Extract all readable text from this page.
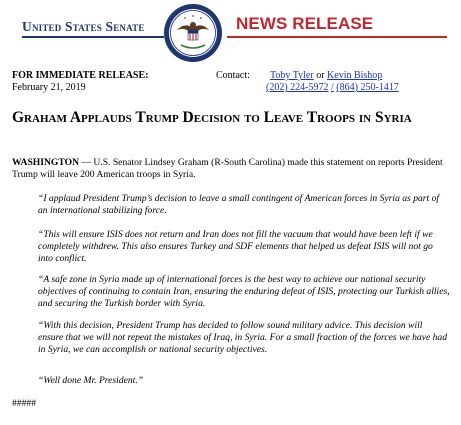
United States Senate	NEWS RELEASE
FOR IMMEDIATE RELEASE:
February 21, 2019
Contact:	Toby Tyler or Kevin Bishop
(202) 224-5972 / (864) 250-1417
Graham Applauds Trump Decision to Leave Troops in Syria
WASHINGTON — U.S. Senator Lindsey Graham (R-South Carolina) made this statement on reports President Trump will leave 200 American troops in Syria.
“I applaud President Trump’s decision to leave a small contingent of American forces in Syria as part of an international stabilizing force.
“This will ensure ISIS does not return and Iran does not fill the vacuum that would have been left if we completely withdrew. This also ensures Turkey and SDF elements that helped us defeat ISIS will not go into conflict.
“A safe zone in Syria made up of international forces is the best way to achieve our national security objectives of continuing to contain Iran, ensuring the enduring defeat of ISIS, protecting our Turkish allies, and securing the Turkish border with Syria.
“With this decision, President Trump has decided to follow sound military advice. This decision will ensure that we will not repeat the mistakes of Iraq, in Syria. For a small fraction of the forces we have had in Syria, we can accomplish or national security objectives.
“Well done Mr. President.”
#####
